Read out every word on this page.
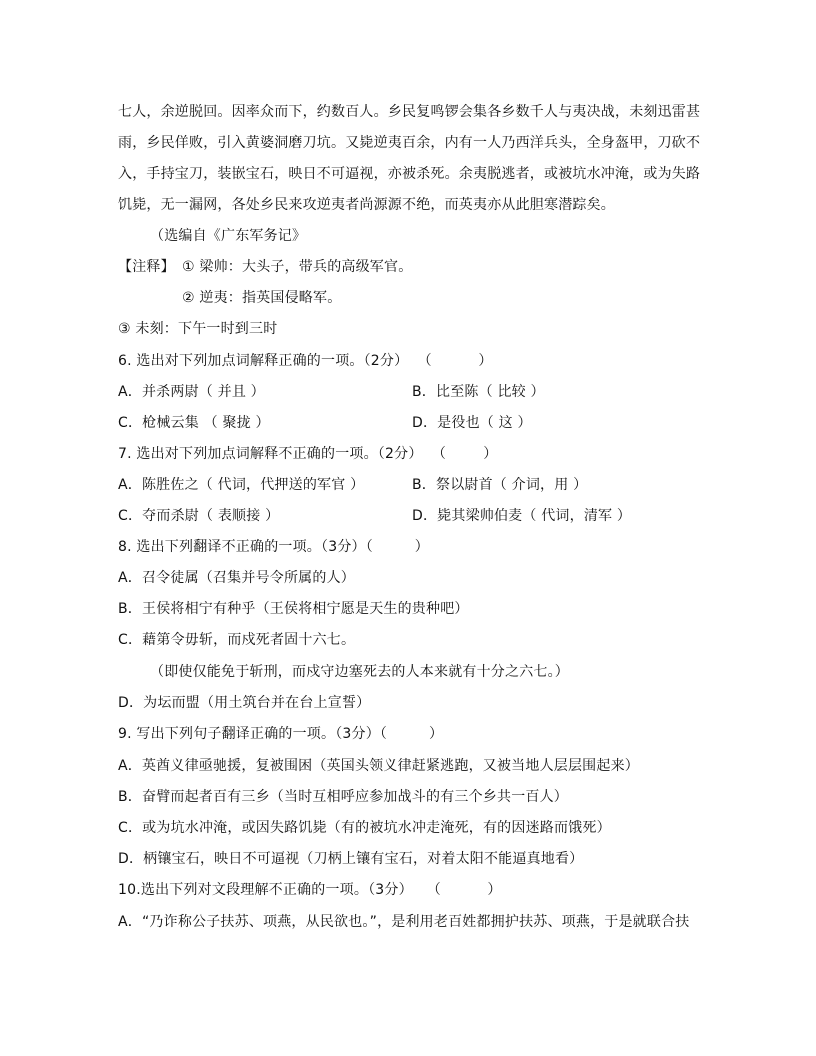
七人，余逆脱回。因率众而下，约数百人。乡民复鸣锣会集各乡数千人与夷决战，未刻迅雷甚
雨，乡民佯败，引入黄婆洞磨刀坑。又毙逆夷百余，内有一人乃西洋兵头，全身盔甲，刀砍不
入，手持宝刀，装嵌宝石，映日不可逼视，亦被杀死。余夷脱逃者，或被坑水冲淹，或为失路
饥毙，无一漏网，各处乡民来攻逆夷者尚源源不绝，而英夷亦从此胆寒潜踪矣。
（选编自《广东军务记》
【注释】 ① 梁帅：大头子，带兵的高级军官。
② 逆夷：指英国侵略军。
③ 未刻：下午一时到三时
6. 选出对下列加点词解释正确的一项。（2分）  （          ）
A．并杀两尉（ 并且 ）	B．比至陈（ 比较 ）
C．枪械云集 （ 聚拢 ）	D．是役也（ 这 ）
7. 选出对下列加点词解释不正确的一项。（2分）  （        ）
A．陈胜佐之（ 代词，代押送的军官 ）	B．祭以尉首（ 介词，用 ）
C．夺而杀尉（ 表顺接 ）	D．毙其梁帅伯麦（ 代词，清军 ）
8. 选出下列翻译不正确的一项。（3分）（         ）
A．召令徒属（召集并号令所属的人）
B．王侯将相宁有种乎（王侯将相宁愿是天生的贵种吧）
C．藉第令毋斩，而戍死者固十六七。
（即使仅能免于斩刑，而戍守边塞死去的人本来就有十分之六七。）
D．为坛而盟（用土筑台并在台上宣誓）
9. 写出下列句子翻译正确的一项。（3分）（         ）
A．英酋义律亟驰援，复被围困（英国头领义律赶紧逃跑，又被当地人层层围起来）
B．奋臂而起者百有三乡（当时互相呼应参加战斗的有三个乡共一百人）
C．或为坑水冲淹，或因失路饥毙（有的被坑水冲走淹死，有的因迷路而饿死）
D．柄镶宝石，映日不可逼视（刀柄上镶有宝石，对着太阳不能逼真地看）
10.选出下列对文段理解不正确的一项。（3分）   （          ）
A．“乃诈称公子扶苏、项燕，从民欲也。”，是利用老百姓都拥护扶苏、项燕，于是就联合扶
